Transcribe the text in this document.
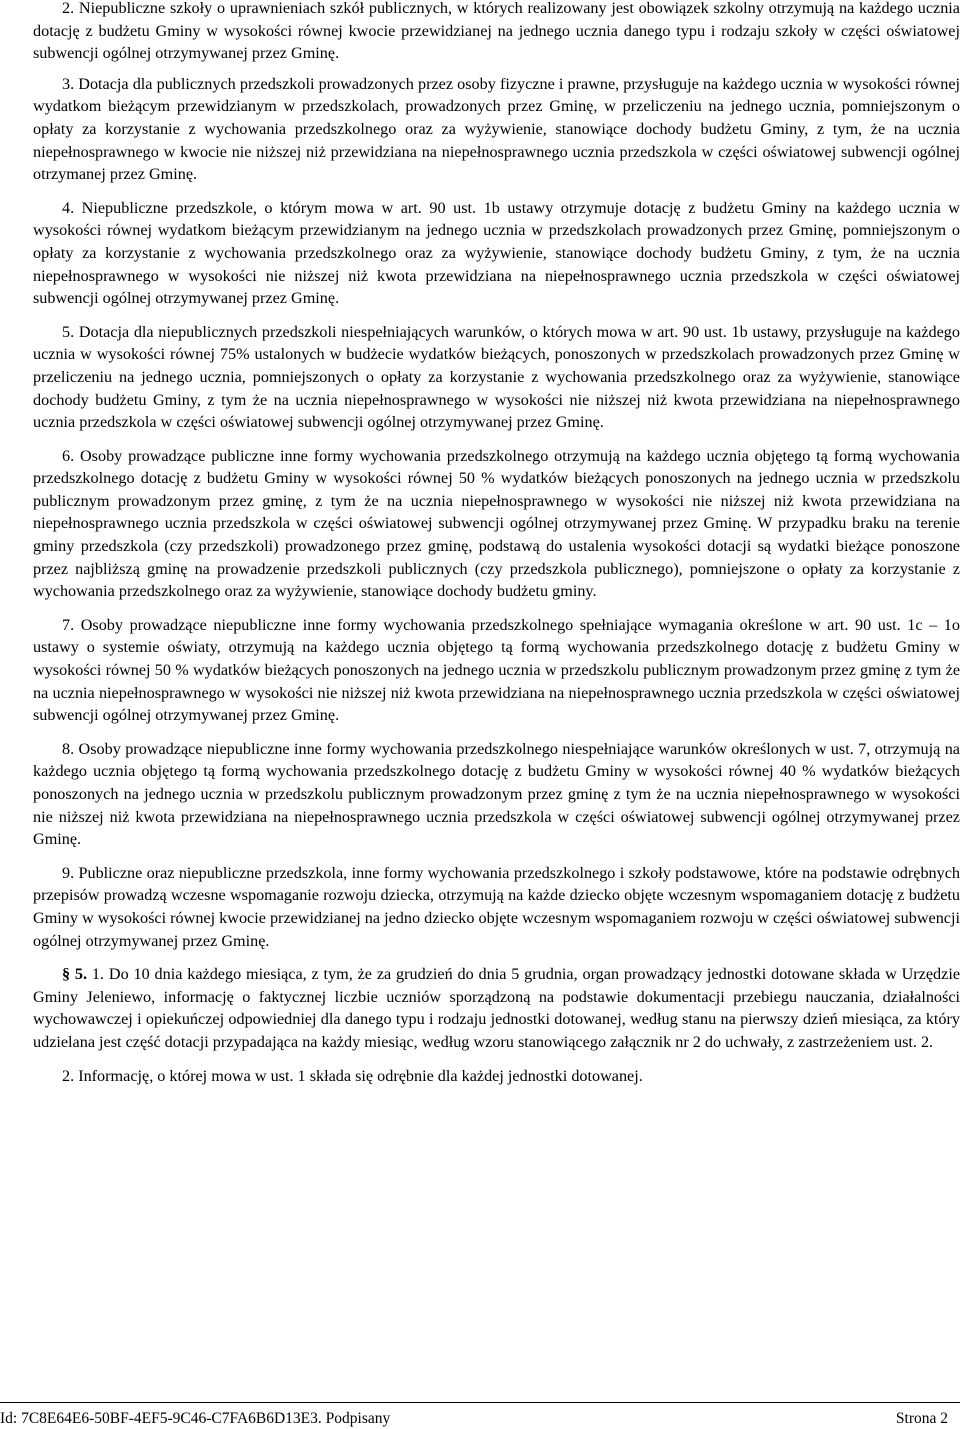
2. Niepubliczne szkoły o uprawnieniach szkół publicznych, w których realizowany jest obowiązek szkolny otrzymują na każdego ucznia dotację z budżetu Gminy w wysokości równej kwocie przewidzianej na jednego ucznia danego typu i rodzaju szkoły w części oświatowej subwencji ogólnej otrzymywanej przez Gminę.

3. Dotacja dla publicznych przedszkoli prowadzonych przez osoby fizyczne i prawne, przysługuje na każdego ucznia w wysokości równej wydatkom bieżącym przewidzianym w przedszkolach, prowadzonych przez Gminę, w przeliczeniu na jednego ucznia, pomniejszonym o opłaty za korzystanie z wychowania przedszkolnego oraz za wyżywienie, stanowiące dochody budżetu Gminy, z tym, że na ucznia niepełnosprawnego w kwocie nie niższej niż przewidziana na niepełnosprawnego ucznia przedszkola w części oświatowej subwencji ogólnej otrzymanej przez Gminę.

4. Niepubliczne przedszkole, o którym mowa w art. 90 ust. 1b ustawy otrzymuje dotację z budżetu Gminy na każdego ucznia w wysokości równej wydatkom bieżącym przewidzianym na jednego ucznia w przedszkolach prowadzonych przez Gminę, pomniejszonym o opłaty za korzystanie z wychowania przedszkolnego oraz za wyżywienie, stanowiące dochody budżetu Gminy, z tym, że na ucznia niepełnosprawnego w wysokości nie niższej niż kwota przewidziana na niepełnosprawnego ucznia przedszkola w części oświatowej subwencji ogólnej otrzymywanej przez Gminę.

5. Dotacja dla niepublicznych przedszkoli niespełniających warunków, o których mowa w art. 90 ust. 1b ustawy, przysługuje na każdego ucznia w wysokości równej 75% ustalonych w budżecie wydatków bieżących, ponoszonych w przedszkolach prowadzonych przez Gminę w przeliczeniu na jednego ucznia, pomniejszonych o opłaty za korzystanie z wychowania przedszkolnego oraz za wyżywienie, stanowiące dochody budżetu Gminy, z tym że na ucznia niepełnosprawnego w wysokości nie niższej niż kwota przewidziana na niepełnosprawnego ucznia przedszkola w części oświatowej subwencji ogólnej otrzymywanej przez Gminę.

6. Osoby prowadzące publiczne inne formy wychowania przedszkolnego otrzymują na każdego ucznia objętego tą formą wychowania przedszkolnego dotację z budżetu Gminy w wysokości równej 50 % wydatków bieżących ponoszonych na jednego ucznia w przedszkolu publicznym prowadzonym przez gminę, z tym że na ucznia niepełnosprawnego w wysokości nie niższej niż kwota przewidziana na niepełnosprawnego ucznia przedszkola w części oświatowej subwencji ogólnej otrzymywanej przez Gminę. W przypadku braku na terenie gminy przedszkola (czy przedszkoli) prowadzonego przez gminę, podstawą do ustalenia wysokości dotacji są wydatki bieżące ponoszone przez najbliższą gminę na prowadzenie przedszkoli publicznych (czy przedszkola publicznego), pomniejszone o opłaty za korzystanie z wychowania przedszkolnego oraz za wyżywienie, stanowiące dochody budżetu gminy.

7. Osoby prowadzące niepubliczne inne formy wychowania przedszkolnego spełniające wymagania określone w art. 90 ust. 1c – 1o ustawy o systemie oświaty, otrzymują na każdego ucznia objętego tą formą wychowania przedszkolnego dotację z budżetu Gminy w wysokości równej 50 % wydatków bieżących ponoszonych na jednego ucznia w przedszkolu publicznym prowadzonym przez gminę z tym że na ucznia niepełnosprawnego w wysokości nie niższej niż kwota przewidziana na niepełnosprawnego ucznia przedszkola w części oświatowej subwencji ogólnej otrzymywanej przez Gminę.

8. Osoby prowadzące niepubliczne inne formy wychowania przedszkolnego niespełniające warunków określonych w ust. 7, otrzymują na każdego ucznia objętego tą formą wychowania przedszkolnego dotację z budżetu Gminy w wysokości równej 40 % wydatków bieżących ponoszonych na jednego ucznia w przedszkolu publicznym prowadzonym przez gminę z tym że na ucznia niepełnosprawnego w wysokości nie niższej niż kwota przewidziana na niepełnosprawnego ucznia przedszkola w części oświatowej subwencji ogólnej otrzymywanej przez Gminę.

9. Publiczne oraz niepubliczne przedszkola, inne formy wychowania przedszkolnego i szkoły podstawowe, które na podstawie odrębnych przepisów prowadzą wczesne wspomaganie rozwoju dziecka, otrzymują na każde dziecko objęte wczesnym wspomaganiem dotację z budżetu Gminy w wysokości równej kwocie przewidzianej na jedno dziecko objęte wczesnym wspomaganiem rozwoju w części oświatowej subwencji ogólnej otrzymywanej przez Gminę.

§ 5. 1. Do 10 dnia każdego miesiąca, z tym, że za grudzień do dnia 5 grudnia, organ prowadzący jednostki dotowane składa w Urzędzie Gminy Jeleniewo, informację o faktycznej liczbie uczniów sporządzoną na podstawie dokumentacji przebiegu nauczania, działalności wychowawczej i opiekuńczej odpowiedniej dla danego typu i rodzaju jednostki dotowanej, według stanu na pierwszy dzień miesiąca, za który udzielana jest część dotacji przypadająca na każdy miesiąc, według wzoru stanowiącego załącznik nr 2 do uchwały, z zastrzeżeniem ust. 2.

2. Informację, o której mowa w ust. 1 składa się odrębnie dla każdej jednostki dotowanej.

Id: 7C8E64E6-50BF-4EF5-9C46-C7FA6B6D13E3. Podpisany	Strona 2
